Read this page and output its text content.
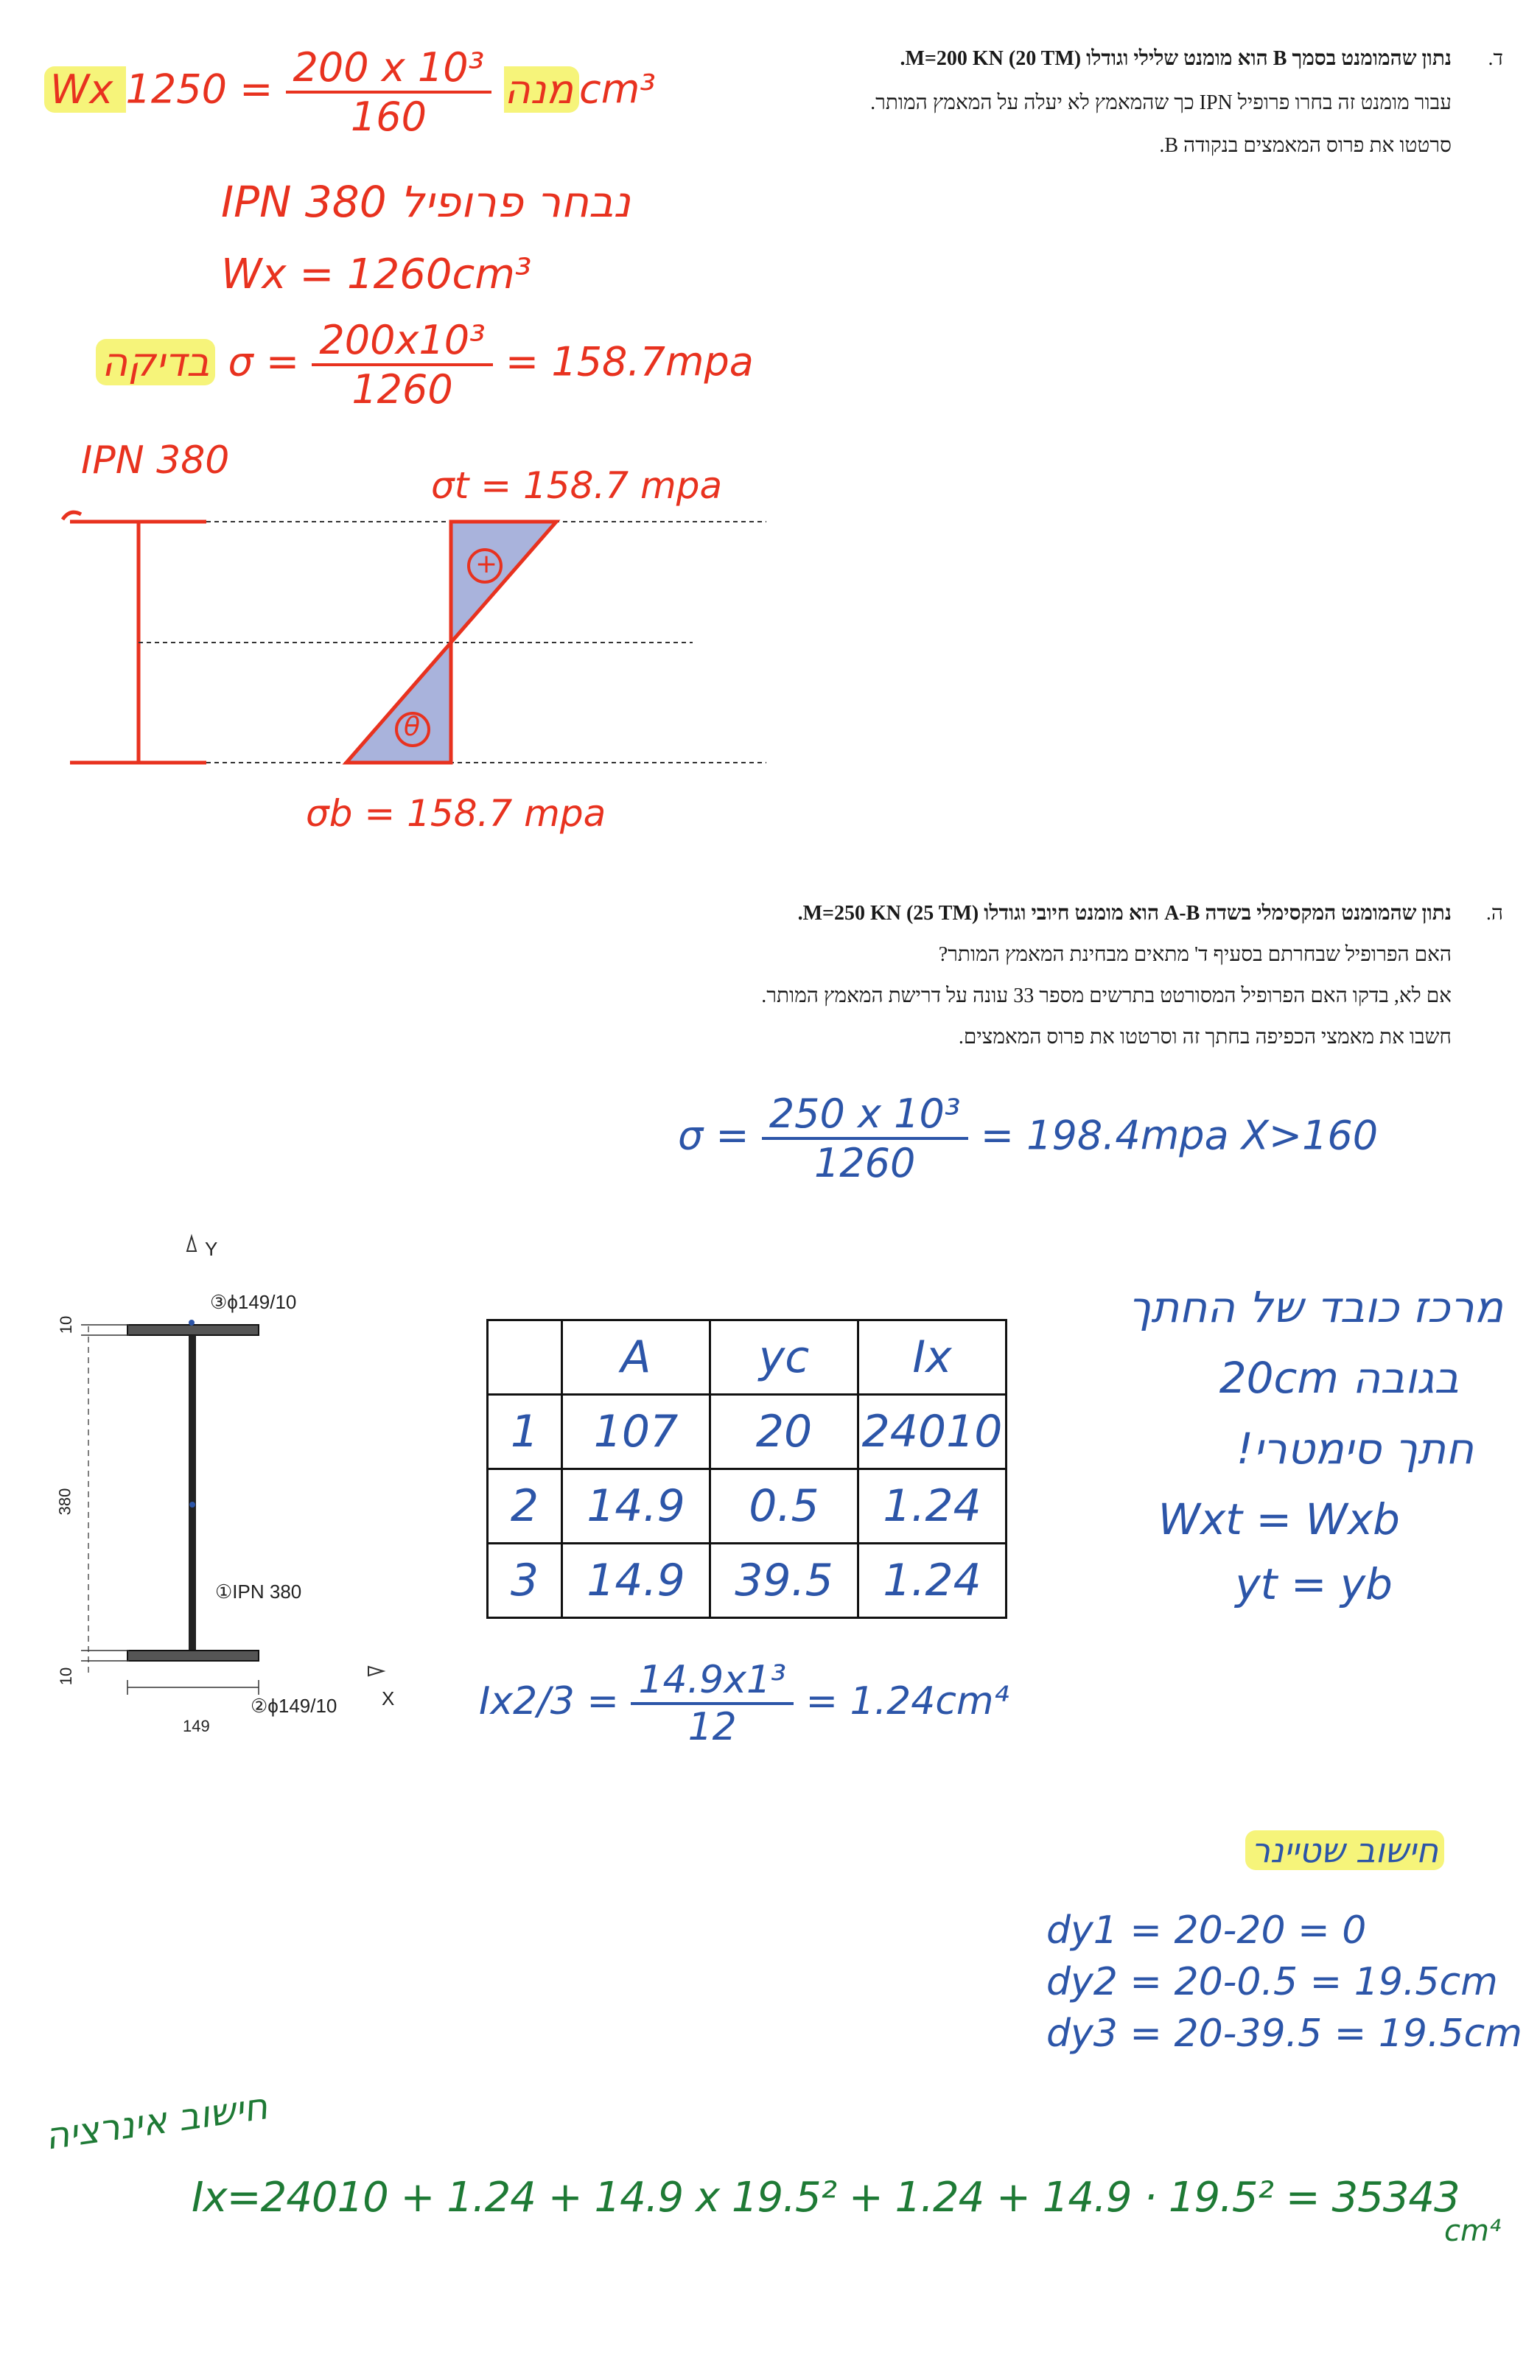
ד.

נתון שהמומנט בסמך B הוא מומנט שלילי וגודלו (M=200 KN (20 TM.

עבור מומנט זה בחרו פרופיל IPN כך שהמאמץ לא יעלה על המאמץ המותר.

סרטטו את פרוס המאמצים בנקודה B.

Wx מנה
$\frac{\text{200 x 10³}}{160}$
= 1250cm³
IPN 380 נבחר פרופיל
Wx = 1260cm³
בדיקה $\sigma = \frac{\text{200x10³}}{1260} = 158.7mpa$
IPN 380
σt = 158.7 mpa
+
θ
σb = 158.7 mpa

ה.

נתון שהמומנט המקסימלי בשדה A-B הוא מומנט חיובי וגודלו (M=250 KN (25 TM.

האם הפרופיל שבחרתם בסעיף ד' מתאים מבחינת המאמץ המותר?

אם לא, בדקו האם הפרופיל המסורטט בתרשים מספר 33 עונה על דרישת המאמץ המותר.

חשבו את מאמצי הכפיפה בחתך זה וסרטטו את פרוס המאמצים.

$\sigma = \frac{\text{250 x 10³}}{1260} = 198.4mpa$ X>160
Y
③ϕ149/10
①IPN 380
②ϕ149/10 X
10
380
10
149
	A	yc	Ix
1	107	20	24010
2	14.9	0.5	1.24
3	14.9	39.5	1.24
$Ix2/3 = \frac{\text{14.9x1³}}{12} = 1.24cm^4$
מרכז כובד של החתך
בגובה 20cm
חתך סימטרי!
Wxt = Wxb
yt = yb
חישוב שטיינר
dy1 = 20-20 = 0
dy2 = 20-0.5 = 19.5cm
dy3 = 20-39.5 = 19.5cm
חישוב אינרציה
Ix=24010 + 1.24 + 14.9 x 19.5² + 1.24 + 14.9 · 19.5² = 35343
cm⁴
